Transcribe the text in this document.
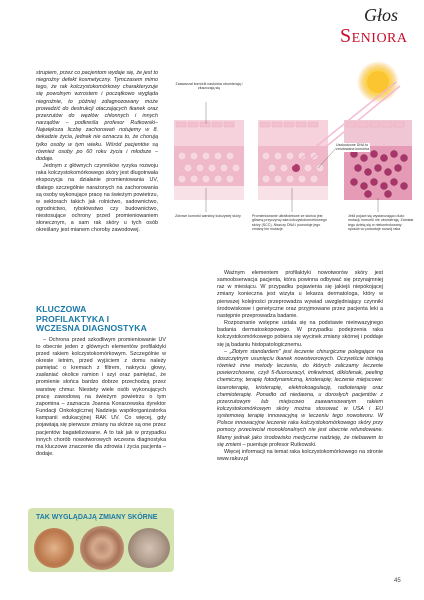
Głos
Seniora

Zaawaczał komórki naskórka obumierają i złuszczają się

Zdrowe komórki warstwy kolczystej skóry	Promieniowanie ultrafioletowe ze słońca jest główną przyczyną raka kolczystokomórkowego skóry (SCC). Niszczy DNA i powoduje jego zmiany lne mutacje

Uszkodzone DNA to zmutowana komórka

Jeśli pojawi się wystarczająco dużo mutacji, komórki nie obumierają. Zamiast tego dzielą się w niekontrolowany sposób co powoduje rozwój raka

strupiem, przez co pacjentom wydaje się, że jest to niegroźny defekt kosmetyczny. Tymczasem mimo tego, że rak kolczystokomórkowy charakteryzuje się powolnym wzrostem i początkowo wygląda niegroźnie, to później zdiagnozowany może prowadzić do destrukcji otaczających tkanek oraz przerzutów do węzłów chłonnych i innych narządów – podkreśla profesor Rutkowski– Największa liczbę zachorowań notujemy w 8. dekadzie życia, jednak nie oznacza to, że chorują tylko osoby w tym wieku. Wśród pacjentów są również osoby po 60 roku życia i młodsze – dodaje.

Jednym z głównych czynników ryzyka rozwoju raka kolczystokomórkowego skóry jest długotrwała ekspozycja na działanie promieniowania UV, dlatego szczególnie narażonych na zachorowania są osoby wykonujące pracę na świeżym powietrzu, w sektorach takich jak rolnictwo, sadownictwo, ogrodnictwo, rybołówstwo czy budownictwo, niestosujące ochrony przed promieniowaniem słonecznym, a sam rak skóry u tych osób określany jest mianem choroby zawodowej.

KLUCZOWA PROFILAKTYKA I WCZESNA DIAGNOSTYKA

– Ochrona przed szkodliwym promieniowanie UV to obecnie jeden z głównych elementów profilaktyki przed rakiem kolczystokomórkowym. Szczególnie w okresie letnim, przed wyjściem z domu należy pamiętać o kremach z filtrem, nakryciu głowy, zasłaniać okolice ramion i szyi oraz pamiętać, że promienie słońca bardzo dobrze przechodzą przez warstwę chmur. Niestety wiele osób wykonujących pracę zawodową na świeżym powietrzu o tym zapomina – zaznacza Joanna Konarzewska dyrektor Fundacji Onkologicznej Nadzieja współorganizatorka kampanii edukacyjnej RAK UV. Co więcej, gdy pojawiają się pierwsze zmiany na skórze są one przez pacjentów bagatelizowane. A to tak jak w przypadku innych chorób nowotworowych wczesna diagnostyka ma kluczowe znaczenie dla zdrowia i życia pacjenta – dodaje.

TAK WYGLĄDAJĄ ZMIANY SKÓRNE

Ważnym elementem profilaktyki nowotworów skóry jest samoobserwacja pacjenta, która powinna odbywać się przynajmniej raz w miesiącu. W przypadku pojawienia się jakiejś niepokojącej zmiany konieczna jest wizyta u lekarza dermatologa, który w pierwszej kolejności przeprowadza wywiad uwzględniający czynniki środowiskowe i genetyczne oraz przyjmowane przez pacjenta leki a następnie przeprowadza badanie.

Rozpoznanie wstępne ustala się na podstawie nieinwazyjnego badania dermatoskopowego. W przypadku podejrzenia raka kolczystokomórkowego pobiera się wycinek zmiany skórnej i poddaje się ją badaniu histopatologicznemu.

– „Złotym standardem" jest leczenie chirurgiczne polegające na doszczętnym usunięciu tkanek nowotworowych. Oczywiście istnieją również inne metody leczenia, do których zaliczamy leczenie powierzchowne, czyli 5-fluorouracyl, imikwimod, diklofenak, peeling chemiczny, terapię fotodynamiczną, krioterapię; leczenie miejscowe: laseroterapię, krioterapię, elektrokoagulację, radioterapię oraz chemioterapię. Ponadto od niedawna, u dorosłych pacjentów z przerzutowym lub miejscowo zaawansowanym rakiem kolczystokomórkowym skóry można stosować w USA i EU systemową terapię innowacyjną w leczeniu tego nowotworu. W Polsce innowacyjne leczenie raka kolczystokomórkowego skóry przy pomocy przeciwciał monoklonalnych nie jest obecnie refundowane. Mamy jednak jako środowisko medyczne nadzieję, że niebawem to się zmieni – puentuje profesor Rutkowski.

Więcej informacji na temat raka kolczystokomórkowego na stronie www.rakuv.pl

45
